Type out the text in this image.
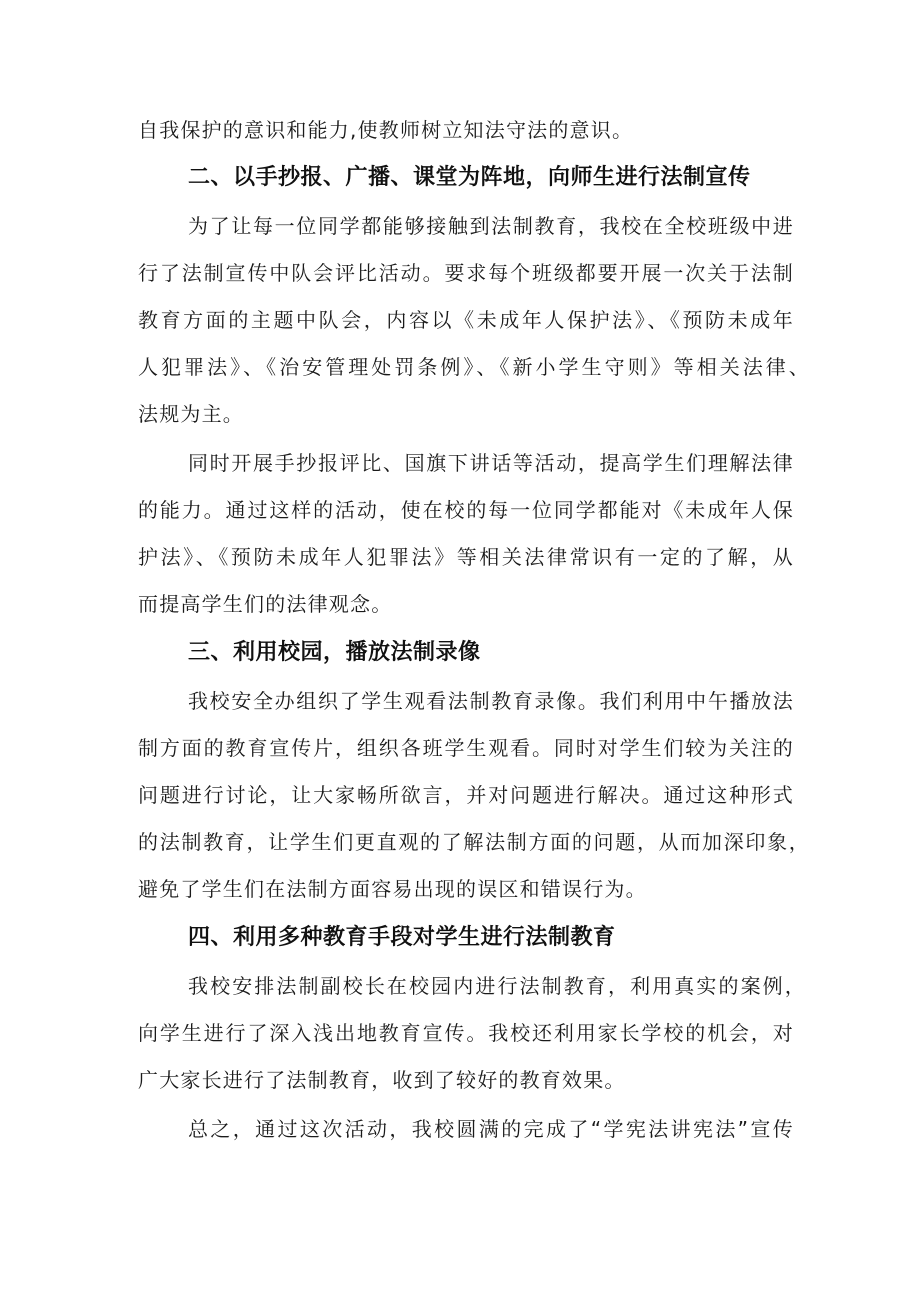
自我保护的意识和能力,使教师树立知法守法的意识。
二、以手抄报、广播、课堂为阵地，向师生进行法制宣传
为了让每一位同学都能够接触到法制教育，我校在全校班级中进
行了法制宣传中队会评比活动。要求每个班级都要开展一次关于法制
教育方面的主题中队会，内容以《未成年人保护法》、《预防未成年
人犯罪法》、《治安管理处罚条例》、《新小学生守则》等相关法律、
法规为主。
同时开展手抄报评比、国旗下讲话等活动，提高学生们理解法律
的能力。通过这样的活动，使在校的每一位同学都能对《未成年人保
护法》、《预防未成年人犯罪法》等相关法律常识有一定的了解，从
而提高学生们的法律观念。
三、利用校园，播放法制录像
我校安全办组织了学生观看法制教育录像。我们利用中午播放法
制方面的教育宣传片，组织各班学生观看。同时对学生们较为关注的
问题进行讨论，让大家畅所欲言，并对问题进行解决。通过这种形式
的法制教育，让学生们更直观的了解法制方面的问题，从而加深印象，
避免了学生们在法制方面容易出现的误区和错误行为。
四、利用多种教育手段对学生进行法制教育
我校安排法制副校长在校园内进行法制教育，利用真实的案例，
向学生进行了深入浅出地教育宣传。我校还利用家长学校的机会，对
广大家长进行了法制教育，收到了较好的教育效果。
总之，通过这次活动，我校圆满的完成了“学宪法讲宪法”宣传
